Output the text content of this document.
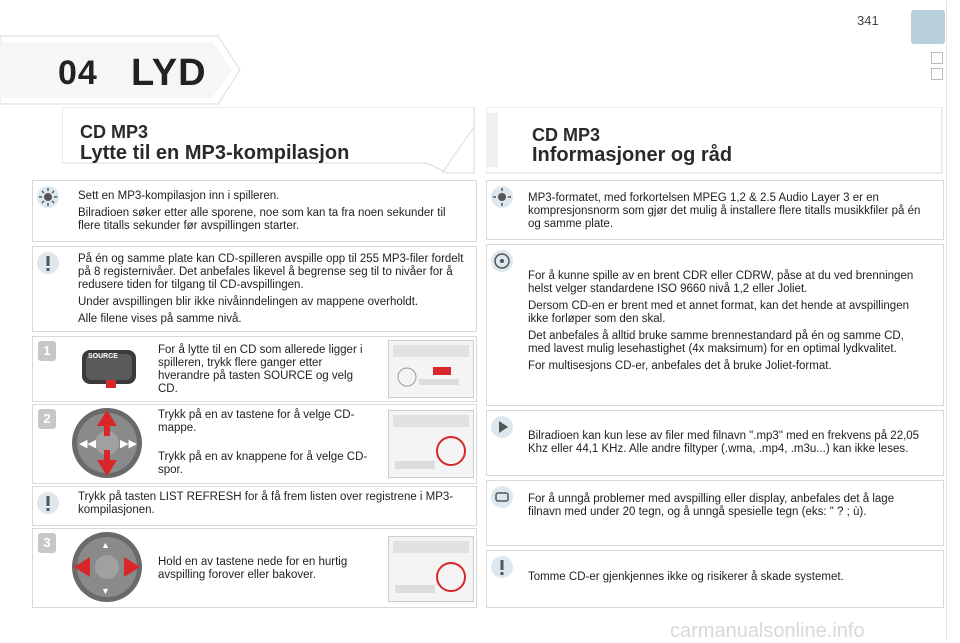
341
04 LYD
CD MP3
Lytte til en MP3-kompilasjon

Sett en MP3-kompilasjon inn i spilleren.

Bilradioen søker etter alle sporene, noe som kan ta fra noen sekunder til flere titalls sekunder før avspillingen starter.

På én og samme plate kan CD-spilleren avspille opp til 255 MP3-filer fordelt på 8 registernivåer. Det anbefales likevel å begrense seg til to nivåer for å redusere tiden for tilgang til CD-avspillingen.

Under avspillingen blir ikke nivåinndelingen av mappene overholdt.

Alle filene vises på samme nivå.

1	SOURCE
For å lytte til en CD som allerede ligger i spilleren, trykk flere ganger etter hverandre på tasten SOURCE og velg CD.
2
◀◀ ▶▶
Trykk på en av tastene for å velge CD-mappe.
Trykk på en av knappene for å velge CD-spor.
Trykk på tasten LIST REFRESH for å få frem listen over registrene i MP3-kompilasjonen.
3	▲
▼
Hold en av tastene nede for en hurtig avspilling forover eller bakover.
CD MP3
Informasjoner og råd
MP3-formatet, med forkortelsen MPEG 1,2 & 2.5 Audio Layer 3 er en kompresjonsnorm som gjør det mulig å installere flere titalls musikkfiler på én og samme plate.

For å kunne spille av en brent CDR eller CDRW, påse at du ved brenningen helst velger standardene ISO 9660 nivå 1,2 eller Joliet.

Dersom CD-en er brent med et annet format, kan det hende at avspillingen ikke forløper som den skal.

Det anbefales å alltid bruke samme brennestandard på én og samme CD, med lavest mulig lesehastighet (4x maksimum) for en optimal lydkvalitet.

For multisesjons CD-er, anbefales det å bruke Joliet-format.

Bilradioen kan kun lese av filer med filnavn ".mp3" med en frekvens på 22,05 Khz eller 44,1 KHz. Alle andre filtyper (.wma, .mp4, .m3u...) kan ikke leses.
For å unngå problemer med avspilling eller display, anbefales det å lage filnavn med under 20 tegn, og å unngå spesielle tegn (eks: " ? ; ù).
Tomme CD-er gjenkjennes ikke og risikerer å skade systemet.
carmanualsonline.info
